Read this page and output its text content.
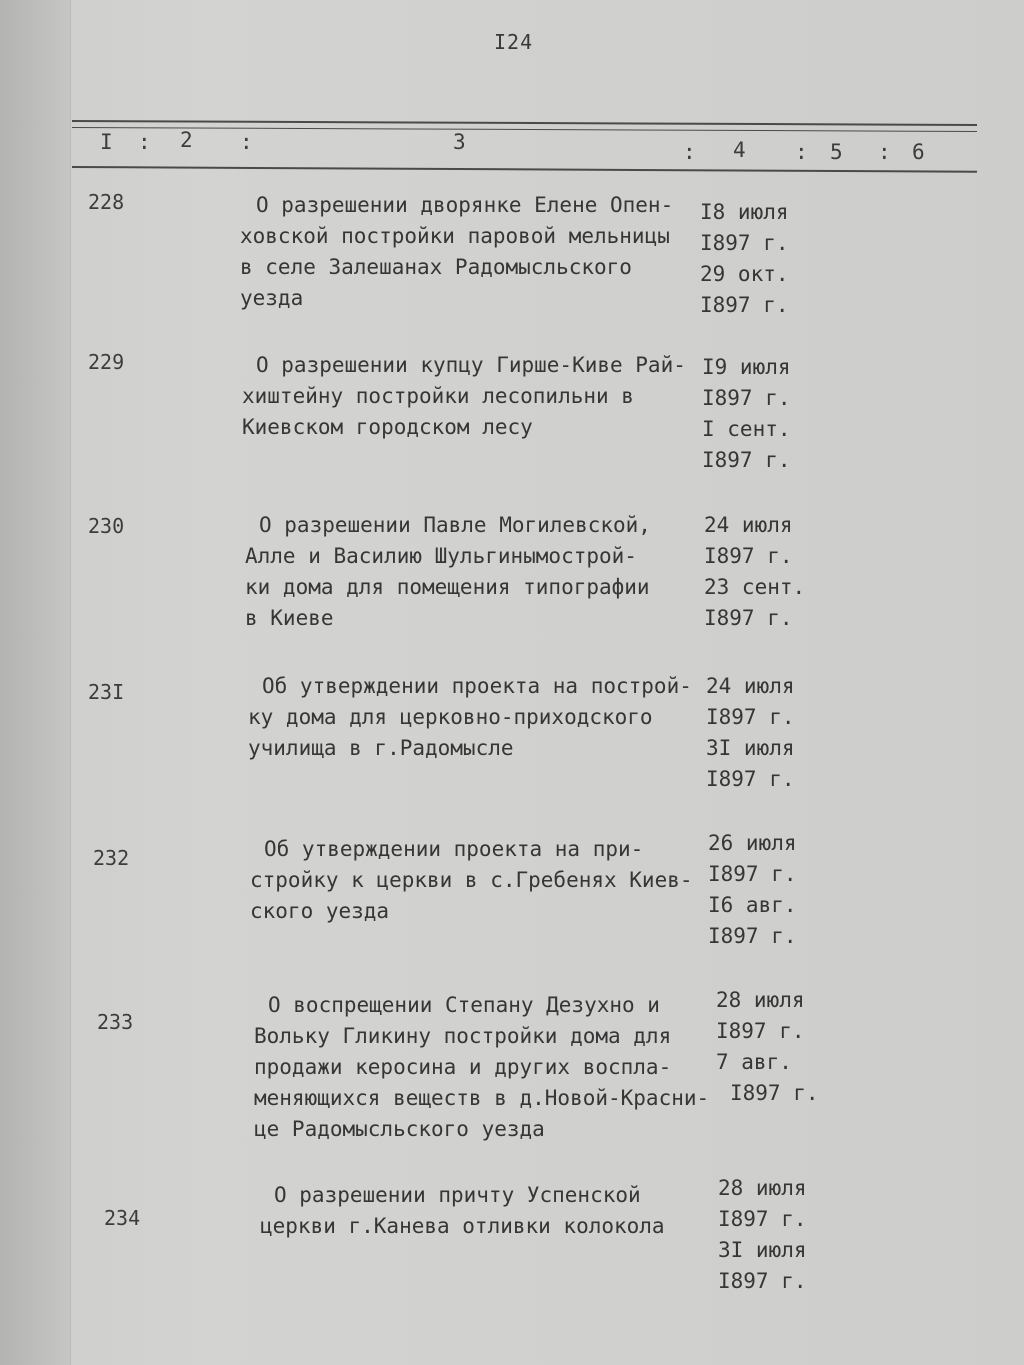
I24
I : 2 :	3	: 4 : 5 : 6
228	О разрешении дворянке Елене Опен-
ховской постройки паровой мельницы
в селе Залешанах Радомысльского
уезда
I8 июля
I897 г.
29 окт.
I897 г.
229	О разрешении купцу Гирше-Киве Рай-
хиштейну постройки лесопильни в
Киевском городском лесу
I9 июля
I897 г.
I сент.
I897 г.
230	О разрешении Павле Могилевской,
Алле и Василию Шульгинымострой-
ки дома для помещения типографии
в Киеве
24 июля
I897 г.
23 сент.
I897 г.
23I	Об утверждении проекта на построй-
ку дома для церковно-приходского
училища в г.Радомысле
24 июля
I897 г.
3I июля
I897 г.
232	Об утверждении проекта на при-
стройку к церкви в с.Гребенях Киев-
ского уезда
26 июля
I897 г.
I6 авг.
I897 г.
233
О воспрещении Степану Дезухно и
Вольку Гликину постройки дома для
продажи керосина и других воспла-
меняющихся веществ в д.Новой-Красни-
це Радомысльского уезда
28 июля
I897 г.
7 авг.
I897 г.
234
О разрешении причту Успенской
церкви г.Канева отливки колокола
28 июля
I897 г.
3I июля
I897 г.
